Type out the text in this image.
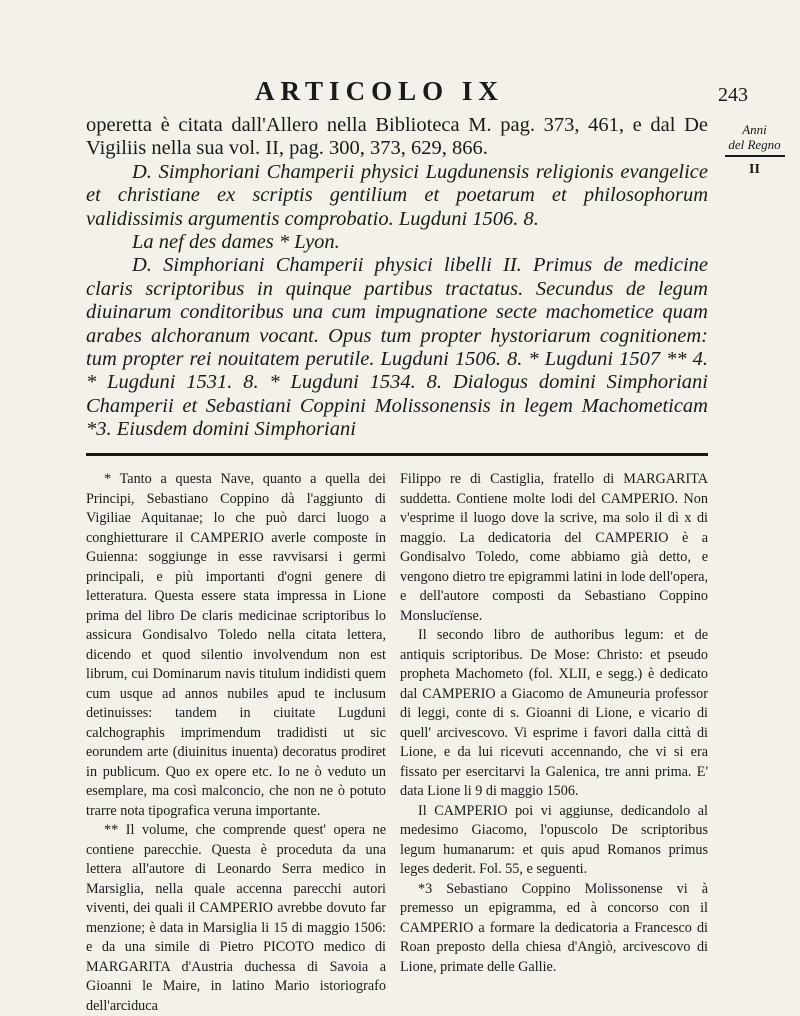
ARTICOLO IX	243
Anni
del Regno
II

operetta è citata dall'Allero nella Biblioteca M. pag. 373, 461, e dal De Vigiliis nella sua vol. II, pag. 300, 373, 629, 866.

D. Simphoriani Champerii physici Lugdunensis religionis evangelice et christiane ex scriptis gentilium et poetarum et philosophorum validissimis argumentis comprobatio. Lugduni 1506. 8.

La nef des dames * Lyon.

D. Simphoriani Champerii physici libelli II. Primus de medicine claris scriptoribus in quinque partibus tractatus. Secundus de legum diuinarum conditoribus una cum impugnatione secte machometice quam arabes alchoranum vocant. Opus tum propter hystoriarum cognitionem: tum propter rei nouitatem perutile. Lugduni 1506. 8. * Lugduni 1507 ** 4. * Lugduni 1531. 8. * Lugduni 1534. 8. Dialogus domini Simphoriani Champerii et Sebastiani Coppini Molissonensis in legem Machometicam *3. Eiusdem domini Simphoriani

* Tanto a questa Nave, quanto a quella dei Principi, Sebastiano Coppino dà l'aggiunto di Vigiliae Aquitanae; lo che può darci luogo a conghietturare il CAMPERIO averle composte in Guienna: soggiunge in esse ravvisarsi i germi principali, e più importanti d'ogni genere di letteratura. Questa essere stata impressa in Lione prima del libro De claris medicinae scriptoribus lo assicura Gondisalvo Toledo nella citata lettera, dicendo et quod silentio involvendum non est librum, cui Dominarum navis titulum indidisti quem cum usque ad annos nubiles apud te inclusum detinuisses: tandem in ciuitate Lugduni calchographis imprimendum tradidisti ut sic eorundem arte (diuinitus inuenta) decoratus prodiret in publicum. Quo ex opere etc. Io ne ò veduto un esemplare, ma così malconcio, che non ne ò potuto trarre nota tipografica veruna importante.

** Il volume, che comprende quest' opera ne contiene parecchie. Questa è proceduta da una lettera all'autore di Leonardo Serra medico in Marsiglia, nella quale accenna parecchi autori viventi, dei quali il CAMPERIO avrebbe dovuto far menzione; è data in Marsiglia li 15 di maggio 1506: e da una simile di Pietro PICOTO medico di MARGARITA d'Austria duchessa di Savoia a Gioanni le Maire, in latino Mario istoriografo dell'arciduca

Filippo re di Castiglia, fratello di MARGARITA suddetta. Contiene molte lodi del CAMPERIO. Non v'esprime il luogo dove la scrive, ma solo il dì x di maggio. La dedicatoria del CAMPERIO è a Gondisalvo Toledo, come abbiamo già detto, e vengono dietro tre epigrammi latini in lode dell'opera, e dell'autore composti da Sebastiano Coppino Monslucïense.

Il secondo libro de authoribus legum: et de antiquis scriptoribus. De Mose: Christo: et pseudo propheta Machometo (fol. XLII, e segg.) è dedicato dal CAMPERIO a Giacomo de Amuneuria professor di leggi, conte di s. Gioanni di Lione, e vicario di quell' arcivescovo. Vi esprime i favori dalla città di Lione, e da lui ricevuti accennando, che vi si era fissato per esercitarvi la Galenica, tre anni prima. E' data Lione li 9 di maggio 1506.

Il CAMPERIO poi vi aggiunse, dedicandolo al medesimo Giacomo, l'opuscolo De scriptoribus legum humanarum: et quis apud Romanos primus leges dederit. Fol. 55, e seguenti.

*3 Sebastiano Coppino Molissonense vi à premesso un epigramma, ed à concorso con il CAMPERIO a formare la dedicatoria a Francesco di Roan preposto della chiesa d'Angiò, arcivescovo di Lione, primate delle Gallie.
